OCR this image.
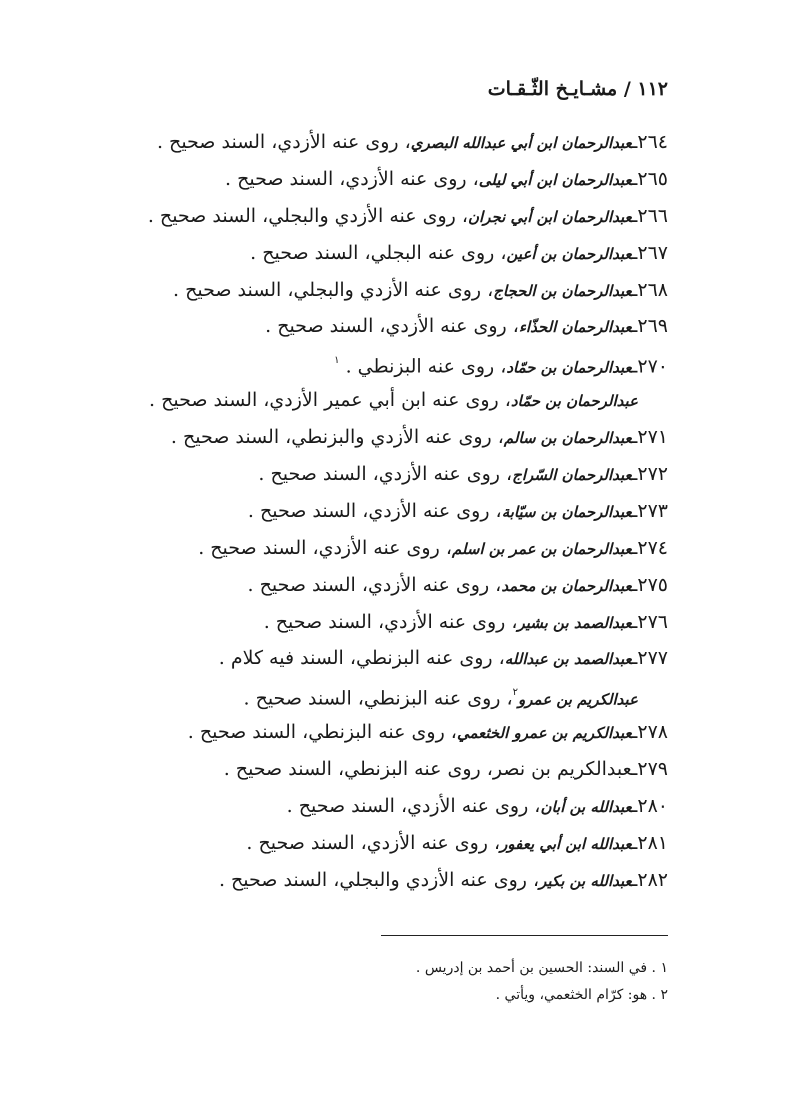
١١٢ / مشـايـخ الثّـقـات
٢٦٤ـعبدالرحمان ابن أبي عبدالله البصري، روى عنه الأزدي، السند صحيح .
٢٦٥ـعبدالرحمان ابن أبي ليلى، روى عنه الأزدي، السند صحيح .
٢٦٦ـعبدالرحمان ابن أبي نجران، روى عنه الأزدي والبجلي، السند صحيح .
٢٦٧ـعبدالرحمان بن أعين، روى عنه البجلي، السند صحيح .
٢٦٨ـعبدالرحمان بن الحجاج، روى عنه الأزدي والبجلي، السند صحيح .
٢٦٩ـعبدالرحمان الحذّاء، روى عنه الأزدي، السند صحيح .
٢٧٠ـعبدالرحمان بن حمّاد، روى عنه البزنطي . $^١$
عبدالرحمان بن حمّاد، روى عنه ابن أبي عمير الأزدي، السند صحيح .
٢٧١ـعبدالرحمان بن سالم، روى عنه الأزدي والبزنطي، السند صحيح .
٢٧٢ـعبدالرحمان السّراج، روى عنه الأزدي، السند صحيح .
٢٧٣ـعبدالرحمان بن سيّابة، روى عنه الأزدي، السند صحيح .
٢٧٤ـعبدالرحمان بن عمر بن اسلم، روى عنه الأزدي، السند صحيح .
٢٧٥ـعبدالرحمان بن محمد، روى عنه الأزدي، السند صحيح .
٢٧٦ـعبدالصمد بن بشير، روى عنه الأزدي، السند صحيح .
٢٧٧ـعبدالصمد بن عبدالله، روى عنه البزنطي، السند فيه كلام .
عبدالكريم بن عمرو$^٢$، روى عنه البزنطي، السند صحيح .
٢٧٨ـعبدالكريم بن عمرو الخثعمي، روى عنه البزنطي، السند صحيح .
٢٧٩ـعبدالكريم بن نصر، روى عنه البزنطي، السند صحيح .
٢٨٠ـعبدالله بن أبان، روى عنه الأزدي، السند صحيح .
٢٨١ـعبدالله ابن أبي يعفور، روى عنه الأزدي، السند صحيح .
٢٨٢ـعبدالله بن بكير، روى عنه الأزدي والبجلي، السند صحيح .
١ . في السند: الحسين بن أحمد بن إدريس .
٢ . هو: كرّام الخثعمي، ويأتي .
